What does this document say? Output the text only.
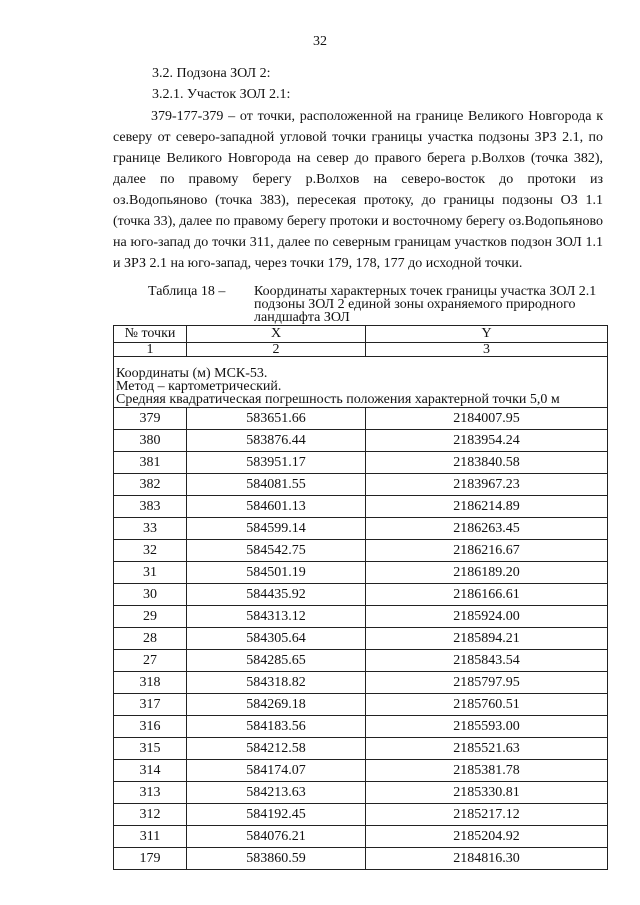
32
3.2. Подзона ЗОЛ 2:
3.2.1. Участок ЗОЛ 2.1:

379-177-379 – от точки, расположенной на границе Великого Новгорода к северу от северо-западной угловой точки границы участка подзоны ЗРЗ 2.1, по границе Великого Новгорода на север до правого берега р.Волхов (точка 382), далее по правому берегу р.Волхов на северо-восток до протоки из оз.Водопьяново (точка 383), пересекая протоку, до границы подзоны ОЗ 1.1 (точка 33), далее по правому берегу протоки и восточному берегу оз.Водопьяново на юго-запад до точки 311, далее по северным границам участков подзон ЗОЛ 1.1 и ЗРЗ 2.1 на юго-запад, через точки 179, 178, 177 до исходной точки.

Таблица 18 – Координаты характерных точек границы участка ЗОЛ 2.1 подзоны ЗОЛ 2 единой зоны охраняемого природного ландшафта ЗОЛ
№ точки	X	Y
1	2	3

Координаты (м) МСК-53.
Метод – картометрический.
Средняя квадратическая погрешность положения характерной точки 5,0 м		

379	583651.66	2184007.95
380	583876.44	2183954.24
381	583951.17	2183840.58
382	584081.55	2183967.23
383	584601.13	2186214.89
33	584599.14	2186263.45
32	584542.75	2186216.67
31	584501.19	2186189.20
30	584435.92	2186166.61
29	584313.12	2185924.00
28	584305.64	2185894.21
27	584285.65	2185843.54
318	584318.82	2185797.95
317	584269.18	2185760.51
316	584183.56	2185593.00
315	584212.58	2185521.63
314	584174.07	2185381.78
313	584213.63	2185330.81
312	584192.45	2185217.12
311	584076.21	2185204.92
179	583860.59	2184816.30
